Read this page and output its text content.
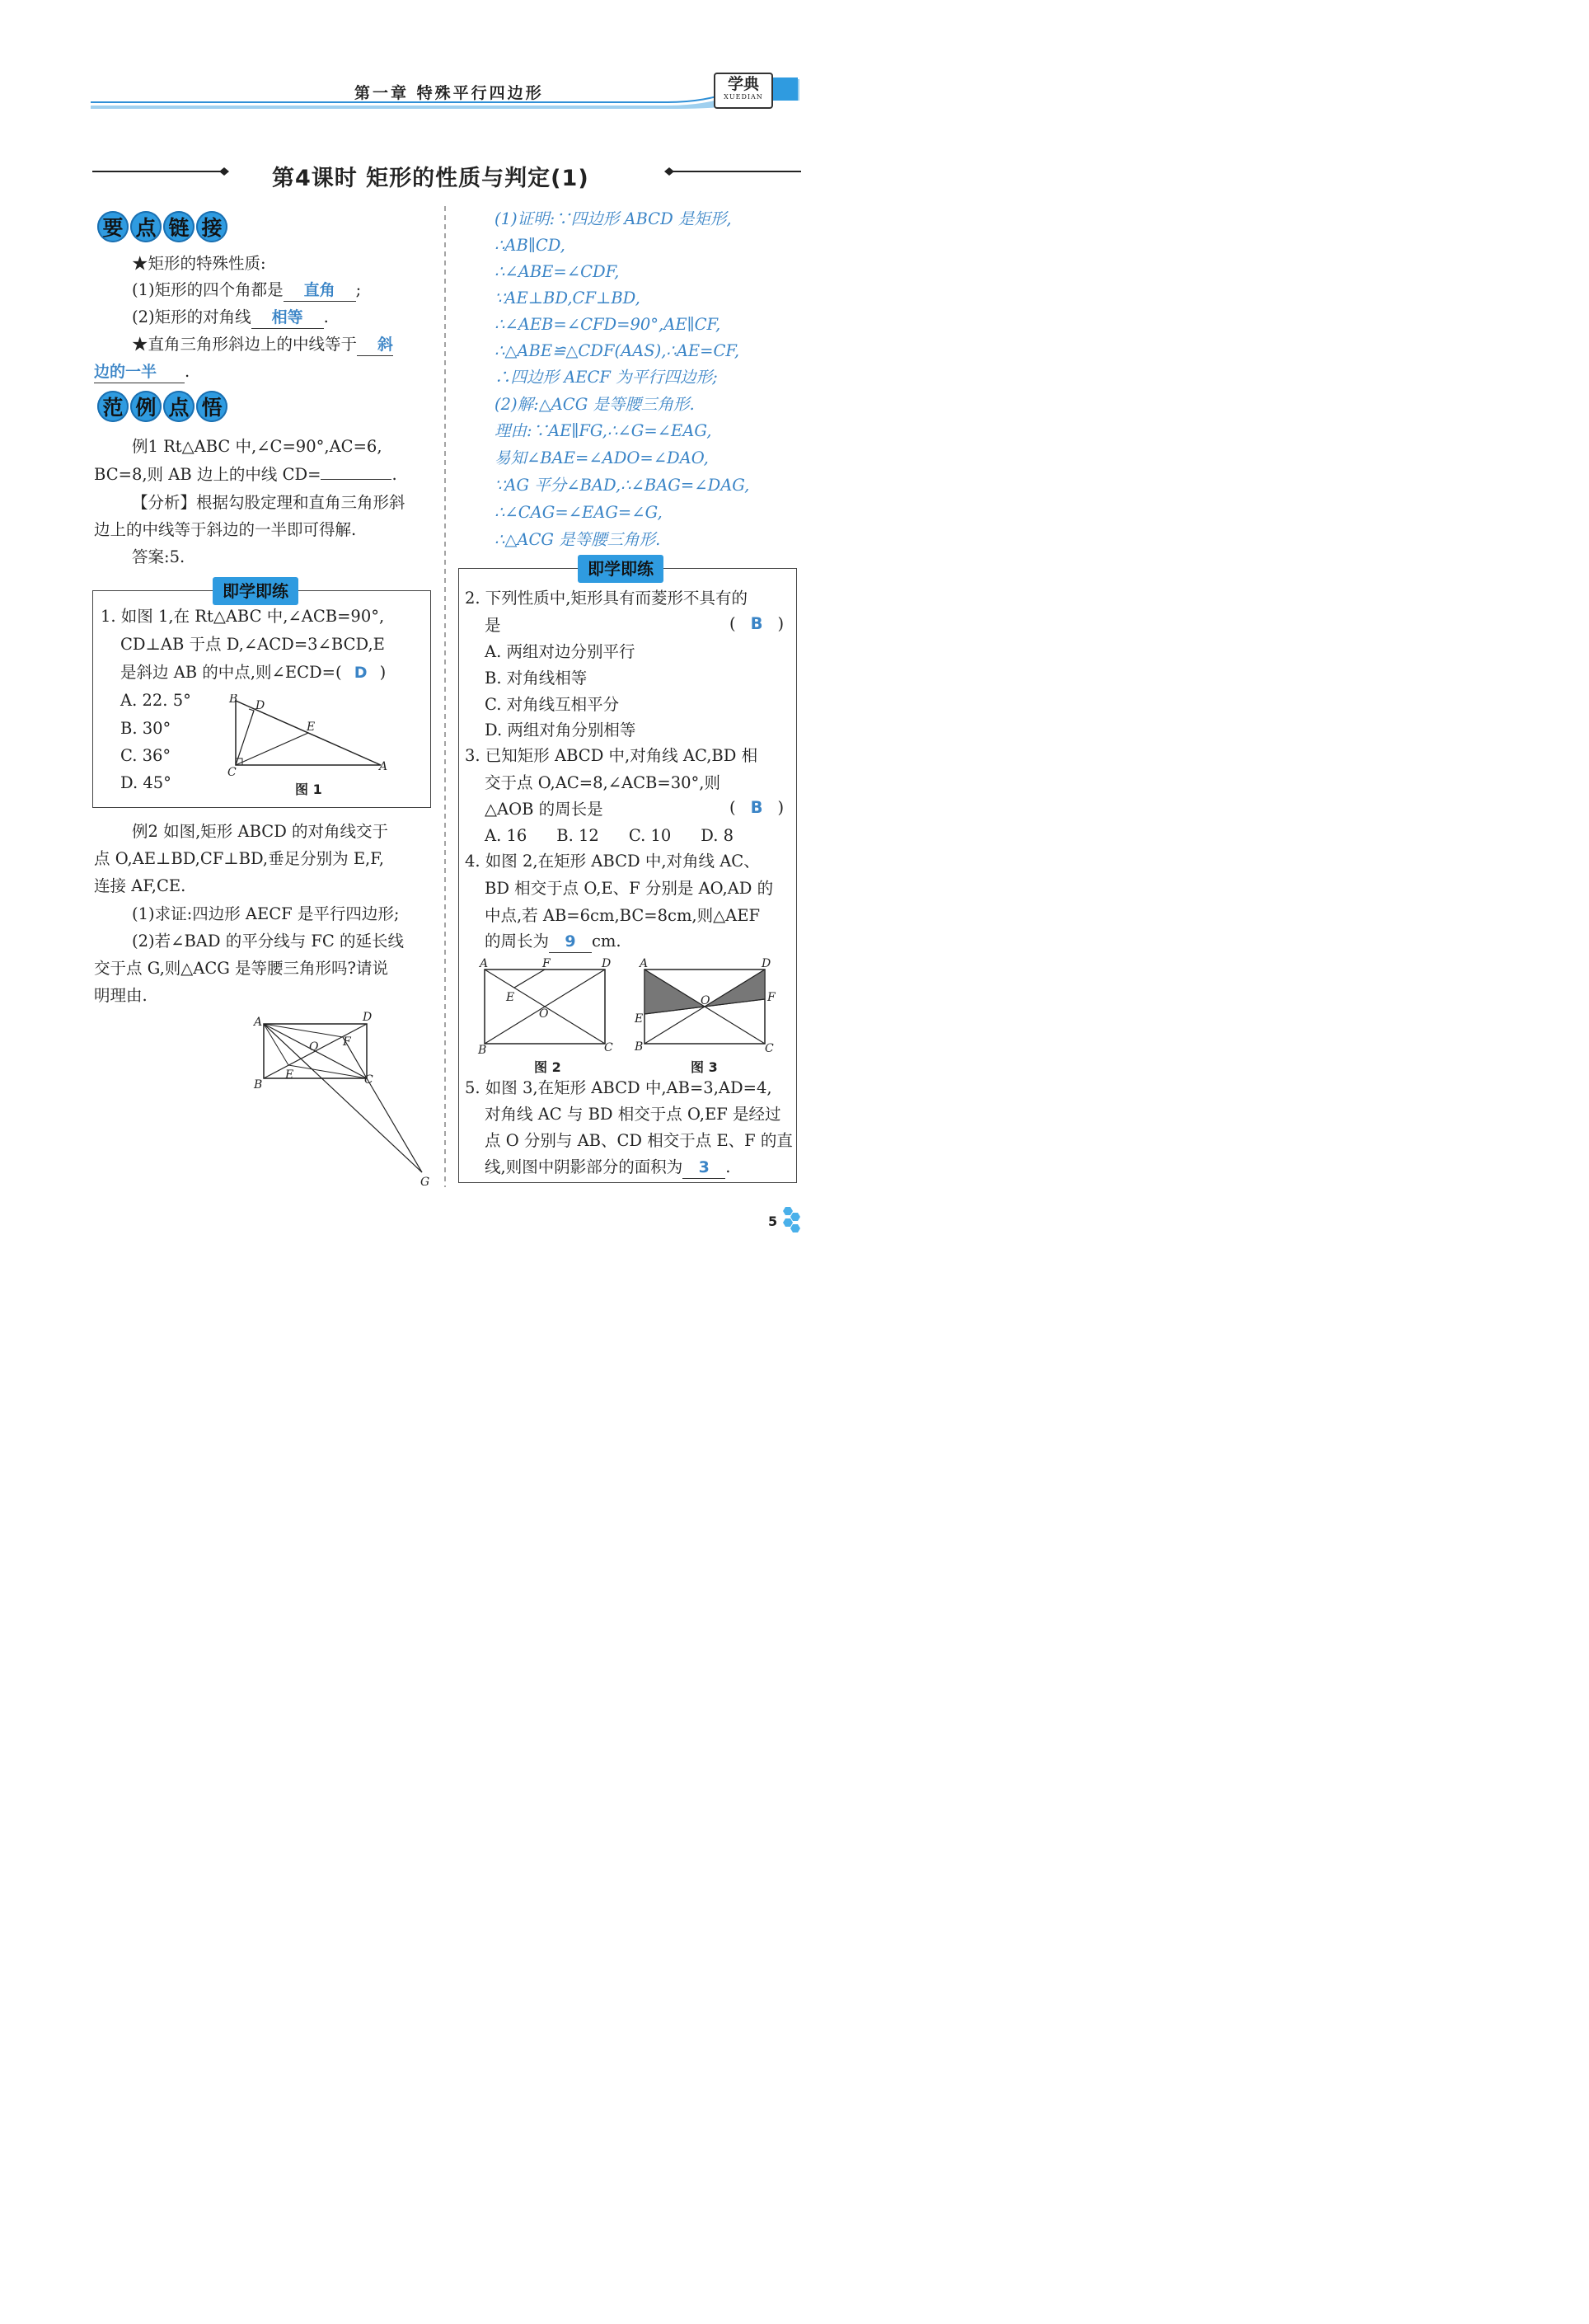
第一章 特殊平行四边形	学典
XUEDIAN
第4课时 矩形的性质与判定(1)
要 点 链 接
★矩形的特殊性质:
(1)矩形的四个角都是 直角 ;
(2)矩形的对角线 相等 .
★直角三角形斜边上的中线等于 斜
边的一半 .
范 例 点 悟
例1 Rt△ABC 中,∠C=90°,AC=6,
BC=8,则 AB 边上的中线 CD=	.
【分析】根据勾股定理和直角三角形斜
边上的中线等于斜边的一半即可得解.
答案:5.
即学即练
1. 如图 1,在 Rt△ABC 中,∠ACB=90°,
CD⊥AB 于点 D,∠ACD=3∠BCD,E
是斜边 AB 的中点,则∠ECD=( D )
A. 22. 5°
B. 30°
C. 36°
D. 45°
B D
E
C	A
图 1
例2 如图,矩形 ABCD 的对角线交于
点 O,AE⊥BD,CF⊥BD,垂足分别为 E,F,
连接 AF,CE.
(1)求证:四边形 AECF 是平行四边形;
(2)若∠BAD 的平分线与 FC 的延长线
交于点 G,则△ACG 是等腰三角形吗?请说
明理由.
A	D
O F
B
E	C
G
(1)证明:∵四边形 ABCD 是矩形,
∴AB∥CD,
∴∠ABE=∠CDF,
∵AE⊥BD,CF⊥BD,
∴∠AEB=∠CFD=90°,AE∥CF,
∴△ABE≌△CDF(AAS),∴AE=CF,
∴四边形 AECF 为平行四边形;
(2)解:△ACG 是等腰三角形.
理由:∵AE∥FG,∴∠G=∠EAG,
易知∠BAE=∠ADO=∠DAO,
∵AG 平分∠BAD,∴∠BAG=∠DAG,
∴∠CAG=∠EAG=∠G,
∴△ACG 是等腰三角形.
即学即练
2. 下列性质中,矩形具有而菱形不具有的
是	( B )
A. 两组对边分别平行
B. 对角线相等
C. 对角线互相平分
D. 两组对角分别相等
3. 已知矩形 ABCD 中,对角线 AC,BD 相
交于点 O,AC=8,∠ACB=30°,则
△AOB 的周长是	( B )
A. 16 B. 12 C. 10 D. 8
4. 如图 2,在矩形 ABCD 中,对角线 AC、
BD 相交于点 O,E、F 分别是 AO,AD 的
中点,若 AB=6cm,BC=8cm,则△AEF
的周长为 9 cm.
A	F	D
E
O
B	C
图 2
A	D
O	F
E
B	C
图 3
5. 如图 3,在矩形 ABCD 中,AB=3,AD=4,
对角线 AC 与 BD 相交于点 O,EF 是经过
点 O 分别与 AB、CD 相交于点 E、F 的直
线,则图中阴影部分的面积为 3 .
5
